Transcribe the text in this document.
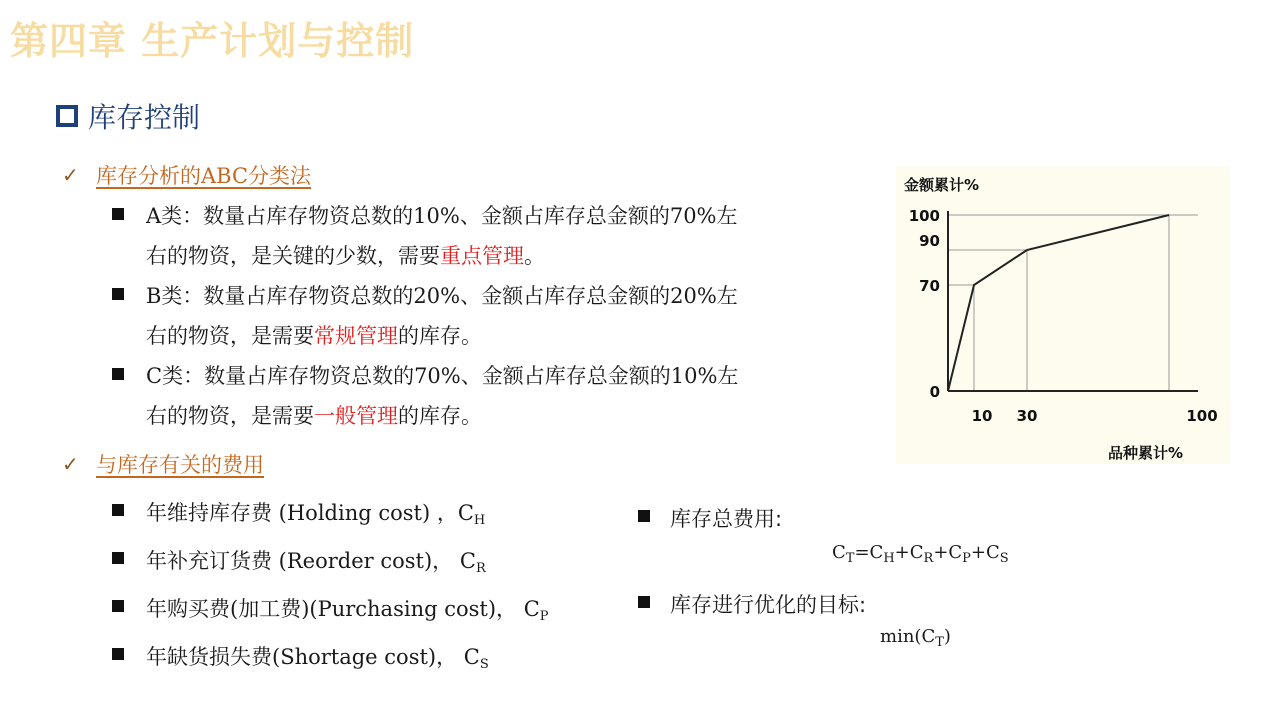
第四章 生产计划与控制
库存控制
✓ 库存分析的ABC分类法
A类：数量占库存物资总数的10%、金额占库存总金额的70%左
右的物资，是关键的少数，需要重点管理。
B类：数量占库存物资总数的20%、金额占库存总金额的20%左
右的物资，是需要常规管理的库存。
C类：数量占库存物资总数的70%、金额占库存总金额的10%左
右的物资，是需要一般管理的库存。
✓ 与库存有关的费用
年维持库存费 (Holding cost) ，$C_H$
年补充订货费 (Reorder cost)， $C_R$
年购买费(加工费)(Purchasing cost)， $C_P$
年缺货损失费(Shortage cost)， $C_S$
库存总费用:
$C_T=C_H+C_R+C_P+C_S$
库存进行优化的目标:
$\min(C_T)$
金额累计%
品种累计%
0
70
90
100
10 30	100
